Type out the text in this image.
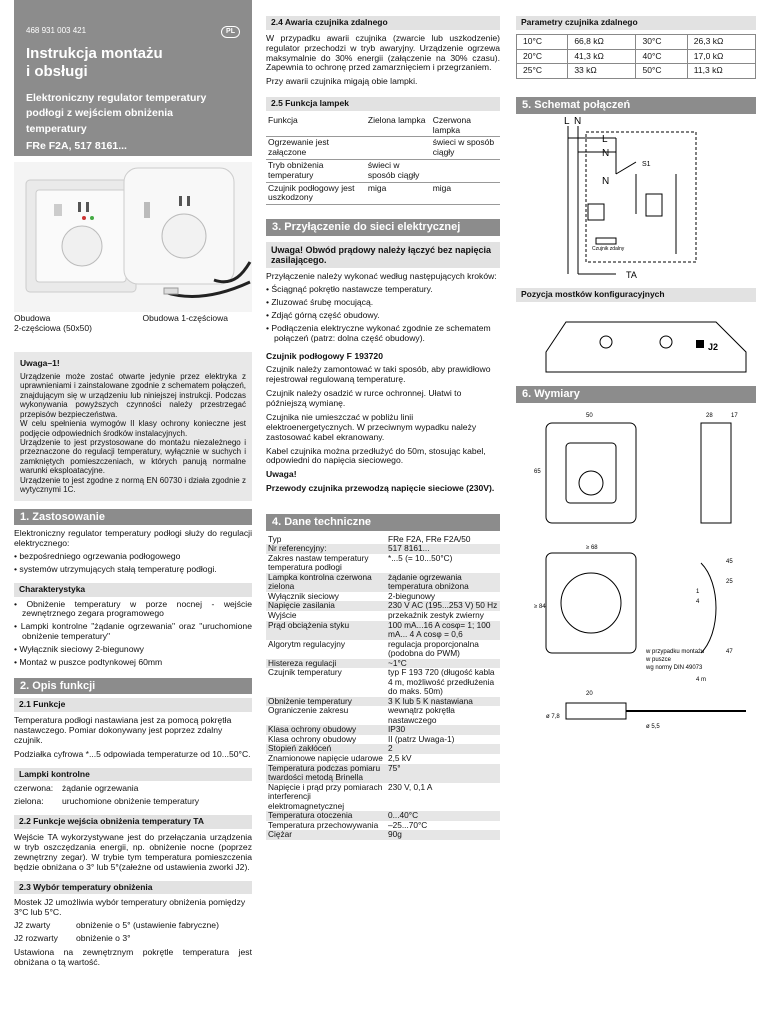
468 931 003 421	PL
Instrukcja montażu
i obsługi
Elektroniczny regulator temperatury
podłogi z wejściem obniżenia
temperatury
FRe F2A, 517 8161...
Obudowa
2-częściowa (50x50)
Obudowa 1-częściowa
Uwaga–1!
Urządzenie może zostać otwarte jedynie przez elektryka z uprawnieniami i zainstalowane zgodnie z schematem połączeń, znajdującym się w urządzeniu lub niniejszej instrukcji. Podczas wykonywania powyższych czynności należy przestrzegać przepisów bezpieczeństwa.
W celu spełnienia wymogów II klasy ochrony konieczne jest podjęcie odpowiednich środków instalacyjnych.
Urządzenie to jest przystosowane do montażu niezależnego i przeznaczone do regulacji temperatury, wyłącznie w suchych i zamkniętych pomieszczeniach, w których panują normalne warunki eksploatacyjne.
Urządzenie to jest zgodne z normą EN 60730 i działa zgodnie z wytycznymi 1C.
1. Zastosowanie

Elektroniczny regulator temperatury podłogi służy do regulacji elektrycznego:

• bezpośredniego ogrzewania podłogowego
• systemów utrzymujących stałą temperaturę podłogi.
Charakterystyka
• Obniżenie temperatury w porze nocnej - wejście zewnętrznego zegara programowego
• Lampki kontrolne "żądanie ogrzewania" oraz "uruchomione obniżenie temperatury"
• Wyłącznik sieciowy 2-biegunowy
• Montaż w puszce podtynkowej 60mm
2. Opis funkcji
2.1 Funkcje

Temperatura podłogi nastawiana jest za pomocą pokrętła nastawczego. Pomiar dokonywany jest poprzez zdalny czujnik.

Podziałka cyfrowa *...5 odpowiada temperaturze od 10...50°C.

Lampki kontrolne
czerwona:	żądanie ogrzewania
zielona:	uruchomione obniżenie temperatury
2.2 Funkcje wejścia obniżenia temperatury TA

Wejście TA wykorzystywane jest do przełączania urządzenia w tryb oszczędzania energii, np. obniżenie nocne (poprzez zewnętrzny zegar). W trybie tym temperatura pomieszczenia będzie obniżana o 3° lub 5°(załeżne od ustawienia zworki J2).

2.3 Wybór temperatury obniżenia

Mostek J2 umożliwia wybór temperatury obniżenia pomiędzy 3°C lub 5°C.

J2 zwarty	obniżenie o 5° (ustawienie fabryczne)
J2 rozwarty	obniżenie o 3°

Ustawiona na zewnętrznym pokrętle temperatura jest obniżana o tą wartość.

2.4 Awaria czujnika zdalnego

W przypadku awarii czujnika (zwarcie lub uszkodzenie) regulator przechodzi w tryb awaryjny. Urządzenie ogrzewa maksymalnie do 30% energii (załączenie na 30% czasu). Zapewnia to ochronę przed zamarznięciem i przegrzaniem.

Przy awarii czujnika migają obie lampki.

2.5 Funkcja lampek
Funkcja	Zielona lampka	Czerwona lampka
Ogrzewanie jest załączone		świeci w sposób ciągły
Tryb obniżenia temperatury	świeci w sposób ciągły	
Czujnik podłogowy jest uszkodzony	miga	miga
3. Przyłączenie do sieci elektrycznej
Uwaga! Obwód prądowy należy łączyć bez napięcia zasilającego.

Przyłączenie należy wykonać według następujących kroków:

• Ściągnąć pokrętło nastawcze temperatury.
• Zluzować śrubę mocującą.
• Zdjąć górną część obudowy.
• Podłączenia elektryczne wykonać zgodnie ze schematem połączeń (patrz: dolna część obudowy).

Czujnik podłogowy F 193720

Czujnik należy zamontować w taki sposób, aby prawidłowo rejestrował regulowaną temperaturę.

Czujnik należy osadzić w rurce ochronnej. Ułatwi to późniejszą wymianę.

Czujnika nie umieszczać w pobliżu linii elektroenergetycznych. W przeciwnym wypadku należy zastosować kabel ekranowany.

Kabel czujnika można przedłużyć do 50m, stosując kabel, odpowiedni do napięcia sieciowego.

Uwaga!

Przewody czujnika przewodzą napięcie sieciowe (230V).

4. Dane techniczne
Typ	FRe F2A, FRe F2A/50
Nr referencyjny:	517 8161...
Zakres nastaw temperatury temperatura podłogi	*...5 (= 10...50°C)
Lampka kontrolna czerwona zielona	żądanie ogrzewania temperatura obniżona
Wyłącznik sieciowy	2-biegunowy
Napięcie zasilania	230 V AC (195...253 V) 50 Hz
Wyjście	przekaźnik zestyk zwierny
Prąd obciążenia styku	100 mA...16 A cosφ= 1; 100 mA... 4 A cosφ = 0,6
Algorytm regulacyjny	regulacja proporcjonalna (podobna do PWM)
Histereza regulacji	~1°C
Czujnik temperatury	typ F 193 720 (długość kabla 4 m, możliwość przedłużenia do maks. 50m)
Obniżenie temperatury	3 K lub 5 K nastawiana
Ograniczenie zakresu	wewnątrz pokrętła nastawczego
Klasa ochrony obudowy	IP30
Klasa ochrony obudowy	II (patrz Uwaga-1)
Stopień zakłóceń	2
Znamionowe napięcie udarowe	2,5 kV
Temperatura podczas pomiaru twardości metodą Brinella	75°
Napięcie i prąd przy pomiarach interferencji elektromagnetycznej	230 V, 0,1 A
Temperatura otoczenia	0...40°C
Temperatura przechowywania	–25...70°C
Ciężar	90g
Parametry czujnika zdalnego
10°C	66,8 kΩ	30°C	26,3 kΩ
20°C	41,3 kΩ	40°C	17,0 kΩ
25°C	33 kΩ	50°C	11,3 kΩ
5. Schemat połączeń
L N
L
N
N
S1
Czujnik zdalny
TA
Pozycja mostków konfiguracyjnych
J2
6. Wymiary
50
65
28	17
≥ 68
≥ 84
45
25
1
4
47
w przypadku montażu
w puszce
wg normy DIN 49073
20
4 m
ø 7,8
ø 5,5
